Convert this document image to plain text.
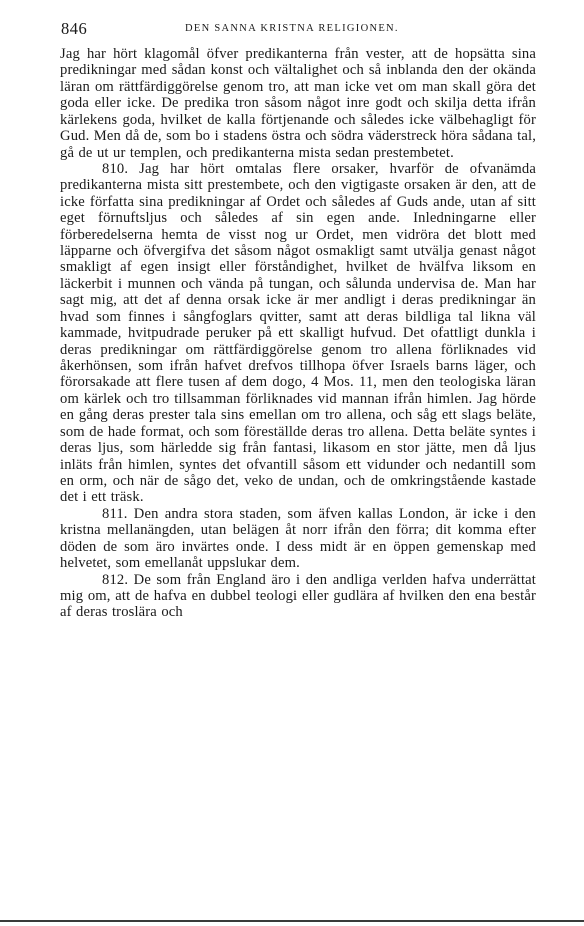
846	DEN SANNA KRISTNA RELIGIONEN.

Jag har hört klagomål öfver predikanterna från vester, att de hopsätta sina predikningar med sådan konst och vältalighet och så inblanda den der okända läran om rättfärdiggörelse genom tro, att man icke vet om man skall göra det goda eller icke. De predika tron såsom något inre godt och skilja detta ifrån kärlekens goda, hvilket de kalla förtjenande och således icke välbehagligt för Gud. Men då de, som bo i stadens östra och södra väderstreck höra sådana tal, gå de ut ur templen, och predikanterna mista sedan prestembetet.

810. Jag har hört omtalas flere orsaker, hvarför de ofvanämda predikanterna mista sitt prestembete, och den vigtigaste orsaken är den, att de icke författa sina predikningar af Ordet och således af Guds ande, utan af sitt eget förnuftsljus och således af sin egen ande. Inledningarne eller förberedelserna hemta de visst nog ur Ordet, men vidröra det blott med läpparne och öfvergifva det såsom något osmakligt samt utvälja genast något smakligt af egen insigt eller förståndighet, hvilket de hvälfva liksom en läckerbit i munnen och vända på tungan, och sålunda undervisa de. Man har sagt mig, att det af denna orsak icke är mer andligt i deras predikningar än hvad som finnes i sångfoglars qvitter, samt att deras bildliga tal likna väl kammade, hvitpudrade peruker på ett skalligt hufvud. Det ofattligt dunkla i deras predikningar om rättfärdiggörelse genom tro allena förliknades vid åkerhönsen, som ifrån hafvet drefvos tillhopa öfver Israels barns läger, och förorsakade att flere tusen af dem dogo, 4 Mos. 11, men den teologiska läran om kärlek och tro tillsamman förliknades vid mannan ifrån himlen. Jag hörde en gång deras prester tala sins emellan om tro allena, och såg ett slags beläte, som de hade format, och som föreställde deras tro allena. Detta beläte syntes i deras ljus, som härledde sig från fantasi, likasom en stor jätte, men då ljus inläts från himlen, syntes det ofvantill såsom ett vidunder och nedantill som en orm, och när de sågo det, veko de undan, och de omkringstående kastade det i ett träsk.

811. Den andra stora staden, som äfven kallas London, är icke i den kristna mellanängden, utan belägen åt norr ifrån den förra; dit komma efter döden de som äro invärtes onde. I dess midt är en öppen gemenskap med helvetet, som emellanåt uppslukar dem.

812. De som från England äro i den andliga verlden hafva underrättat mig om, att de hafva en dubbel teologi eller gudlära af hvilken den ena består af deras troslära och
